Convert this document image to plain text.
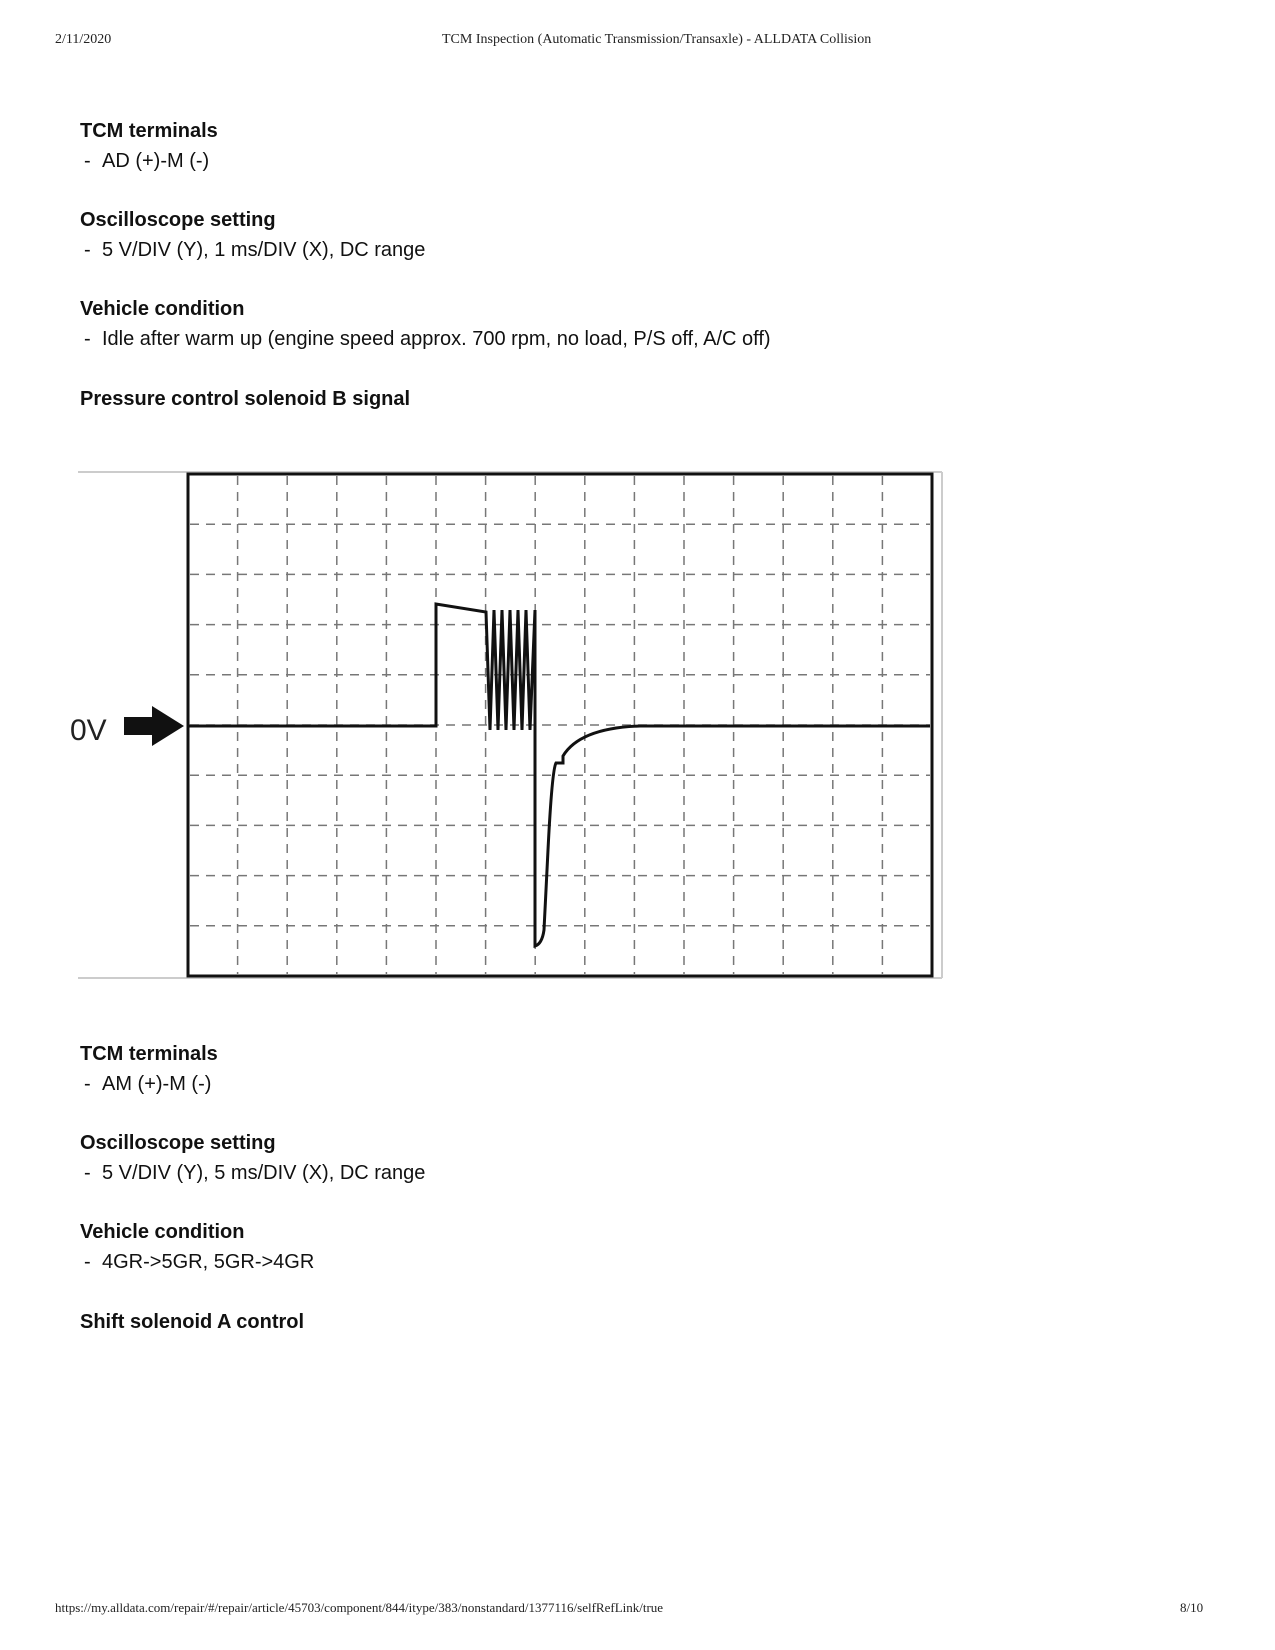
2/11/2020	TCM Inspection (Automatic Transmission/Transaxle) - ALLDATA Collision
TCM terminals
- AD (+)-M (-)
Oscilloscope setting
- 5 V/DIV (Y), 1 ms/DIV (X), DC range
Vehicle condition
- Idle after warm up (engine speed approx. 700 rpm, no load, P/S off, A/C off)
Pressure control solenoid B signal
0V
TCM terminals
- AM (+)-M (-)
Oscilloscope setting
- 5 V/DIV (Y), 5 ms/DIV (X), DC range
Vehicle condition
- 4GR->5GR, 5GR->4GR
Shift solenoid A control
https://my.alldata.com/repair/#/repair/article/45703/component/844/itype/383/nonstandard/1377116/selfRefLink/true	8/10
